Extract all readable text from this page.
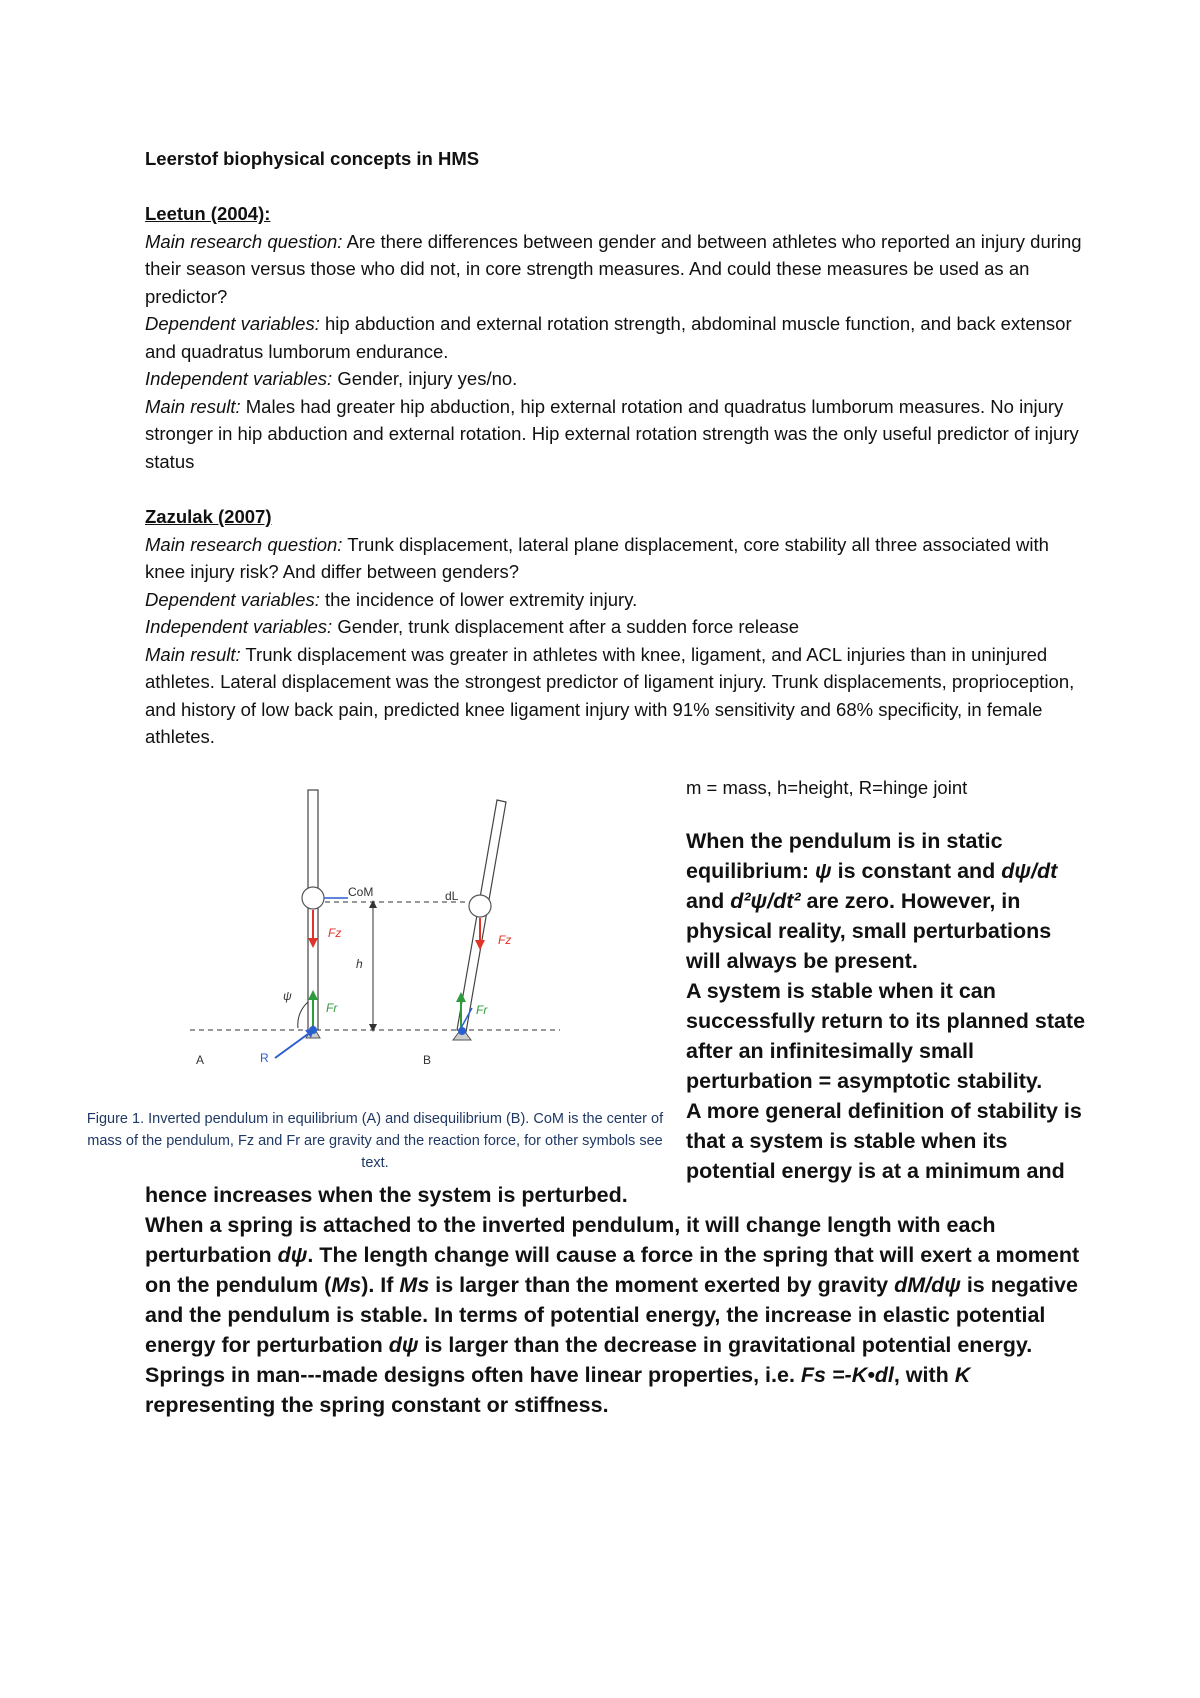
Leerstof biophysical concepts in HMS

Leetun (2004):

Main research question: Are there differences between gender and between athletes who reported an injury during their season versus those who did not, in core strength measures. And could these measures be used as an predictor?

Dependent variables: hip abduction and external rotation strength, abdominal muscle function, and back extensor and quadratus lumborum endurance.

Independent variables: Gender, injury yes/no.

Main result: Males had greater hip abduction, hip external rotation and quadratus lumborum measures. No injury stronger in hip abduction and external rotation. Hip external rotation strength was the only useful predictor of injury status

Zazulak (2007)

Main research question: Trunk displacement, lateral plane displacement, core stability all three associated with knee injury risk? And differ between genders?

Dependent variables: the incidence of lower extremity injury.

Independent variables: Gender, trunk displacement after a sudden force release

Main result: Trunk displacement was greater in athletes with knee, ligament, and ACL injuries than in uninjured athletes. Lateral displacement was the strongest predictor of ligament injury. Trunk displacements, proprioception, and history of low back pain, predicted knee ligament injury with 91% sensitivity and 68% specificity, in female athletes.

CoM
Fz
Fr
ψ
R
A
h
dL
Fz
Fr
B
Figure 1. Inverted pendulum in equilibrium (A) and disequilibrium (B). CoM is the center of mass of the pendulum, Fz and Fr are gravity and the reaction force, for other symbols see text.
m = mass, h=height, R=hinge joint

When the pendulum is in static equilibrium: ψ is constant and dψ/dt and d²ψ/dt² are zero. However, in physical reality, small perturbations will always be present.

A system is stable when it can successfully return to its planned state after an infinitesimally small perturbation = asymptotic stability.

A more general definition of stability is that a system is stable when its potential energy is at a minimum and

hence increases when the system is perturbed.

When a spring is attached to the inverted pendulum, it will change length with each perturbation dψ. The length change will cause a force in the spring that will exert a moment on the pendulum (Ms). If Ms is larger than the moment exerted by gravity dM/dψ is negative and the pendulum is stable. In terms of potential energy, the increase in elastic potential energy for perturbation dψ is larger than the decrease in gravitational potential energy.

Springs in man---made designs often have linear properties, i.e. Fs =-K•dl, with K representing the spring constant or stiffness.
